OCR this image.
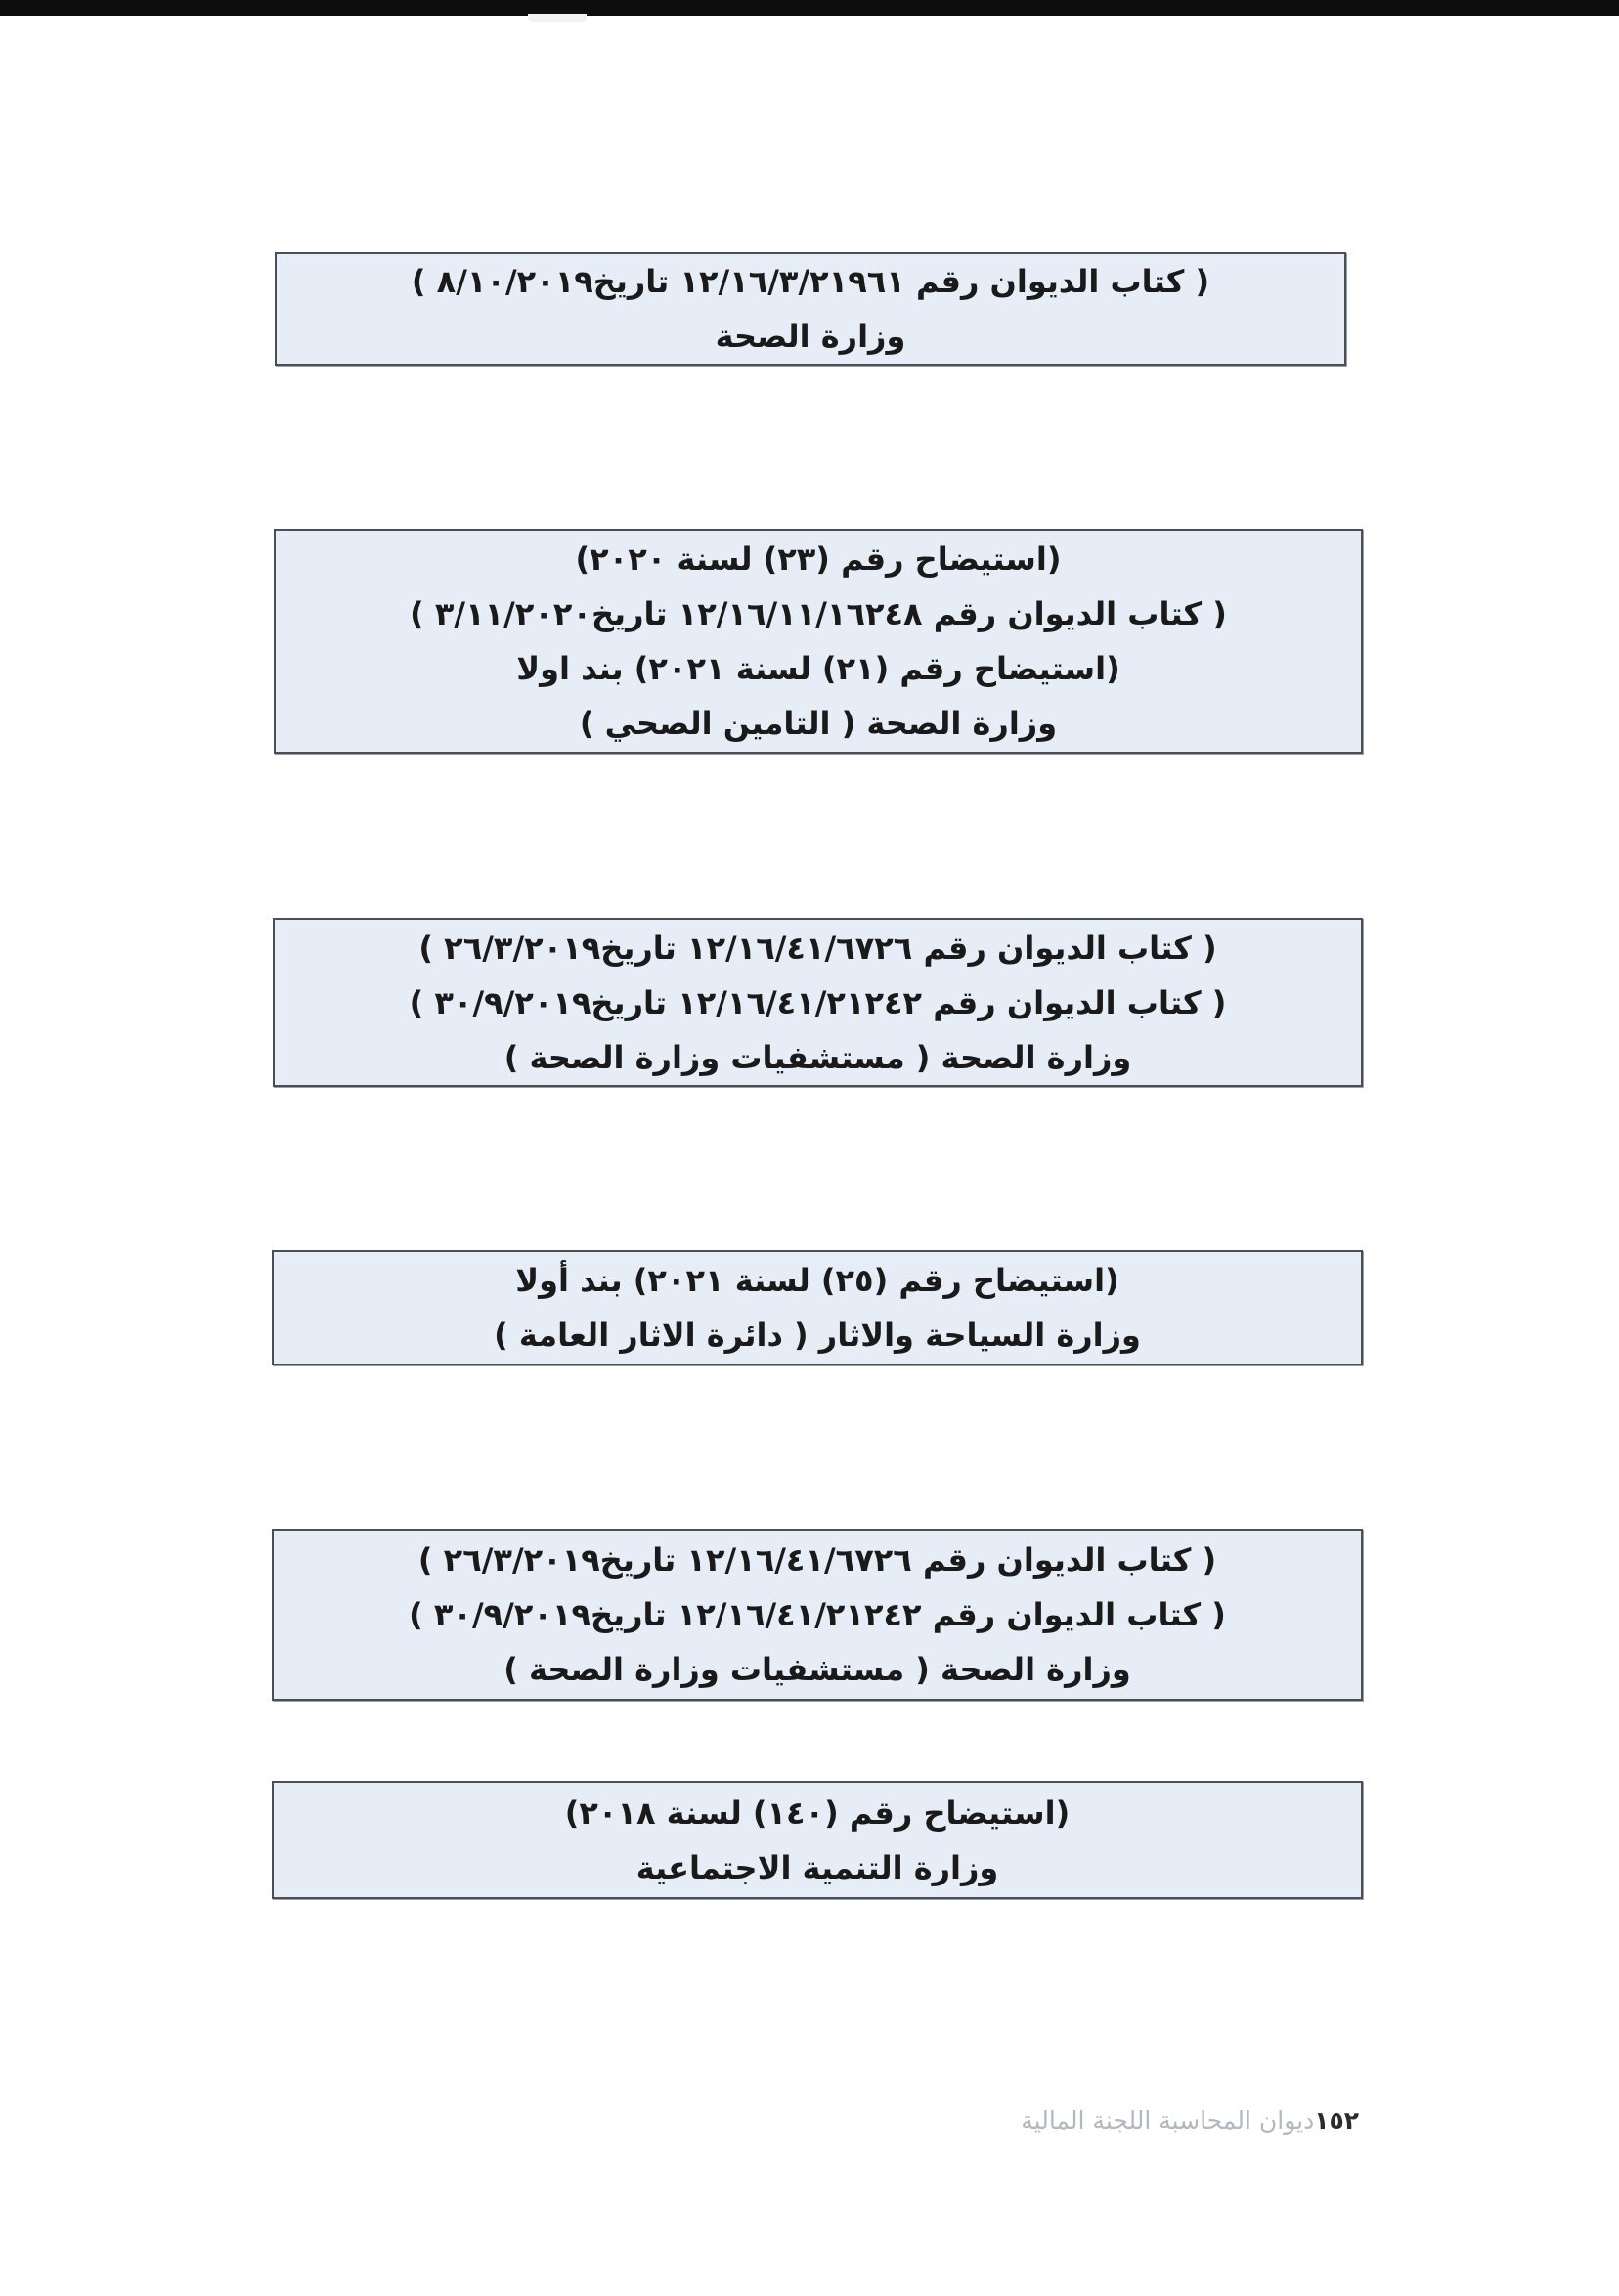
( كتاب الديوان رقم ١٢/١٦/٣/٢١٩٦١ تاريخ٨/١٠/٢٠١٩ )
وزارة الصحة
(استيضاح رقم (٢٣) لسنة ٢٠٢٠)
( كتاب الديوان رقم ١٢/١٦/١١/١٦٢٤٨ تاريخ٣/١١/٢٠٢٠ )
(استيضاح رقم (٢١) لسنة ٢٠٢١) بند اولا
وزارة الصحة ( التامين الصحي )
( كتاب الديوان رقم ١٢/١٦/٤١/٦٧٢٦ تاريخ٢٦/٣/٢٠١٩ )
( كتاب الديوان رقم ١٢/١٦/٤١/٢١٢٤٢ تاريخ٣٠/٩/٢٠١٩ )
وزارة الصحة ( مستشفيات وزارة الصحة )
(استيضاح رقم (٢٥) لسنة ٢٠٢١) بند أولا
وزارة السياحة والاثار ( دائرة الاثار العامة )
( كتاب الديوان رقم ١٢/١٦/٤١/٦٧٢٦ تاريخ٢٦/٣/٢٠١٩ )
( كتاب الديوان رقم ١٢/١٦/٤١/٢١٢٤٢ تاريخ٣٠/٩/٢٠١٩ )
وزارة الصحة ( مستشفيات وزارة الصحة )
(استيضاح رقم (١٤٠) لسنة ٢٠١٨)
وزارة التنمية الاجتماعية
١٥٢ديوان المحاسبة اللجنة المالية
